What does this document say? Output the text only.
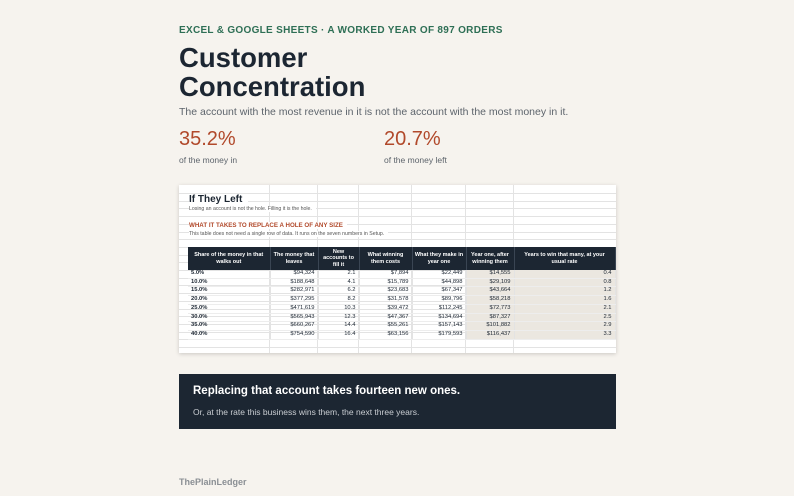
EXCEL & GOOGLE SHEETS · A WORKED YEAR OF 897 ORDERS
Customer
Concentration
The account with the most revenue in it is not the account with the most money in it.
35.2%
of the money in
20.7%
of the money left
If They Left
Losing an account is not the hole. Filling it is the hole.
WHAT IT TAKES TO REPLACE A HOLE OF ANY SIZE
This table does not need a single row of data. It runs on the seven numbers in Setup.
Share of the money in that walks out	The money that leaves	New accounts to fill it	What winning them costs	What they make in year one	Year one, after winning them	Years to win that many, at your usual rate
5.0%	$94,324	2.1	$7,894	$22,449	$14,555	0.4
10.0%	$188,648	4.1	$15,789	$44,898	$29,109	0.8
15.0%	$282,971	6.2	$23,683	$67,347	$43,664	1.2
20.0%	$377,295	8.2	$31,578	$89,796	$58,218	1.6
25.0%	$471,619	10.3	$39,472	$112,245	$72,773	2.1
30.0%	$565,943	12.3	$47,367	$134,694	$87,327	2.5
35.0%	$660,267	14.4	$55,261	$157,143	$101,882	2.9
40.0%	$754,590	16.4	$63,156	$179,593	$116,437	3.3
Replacing that account takes fourteen new ones.
Or, at the rate this business wins them, the next three years.
ThePlainLedger
